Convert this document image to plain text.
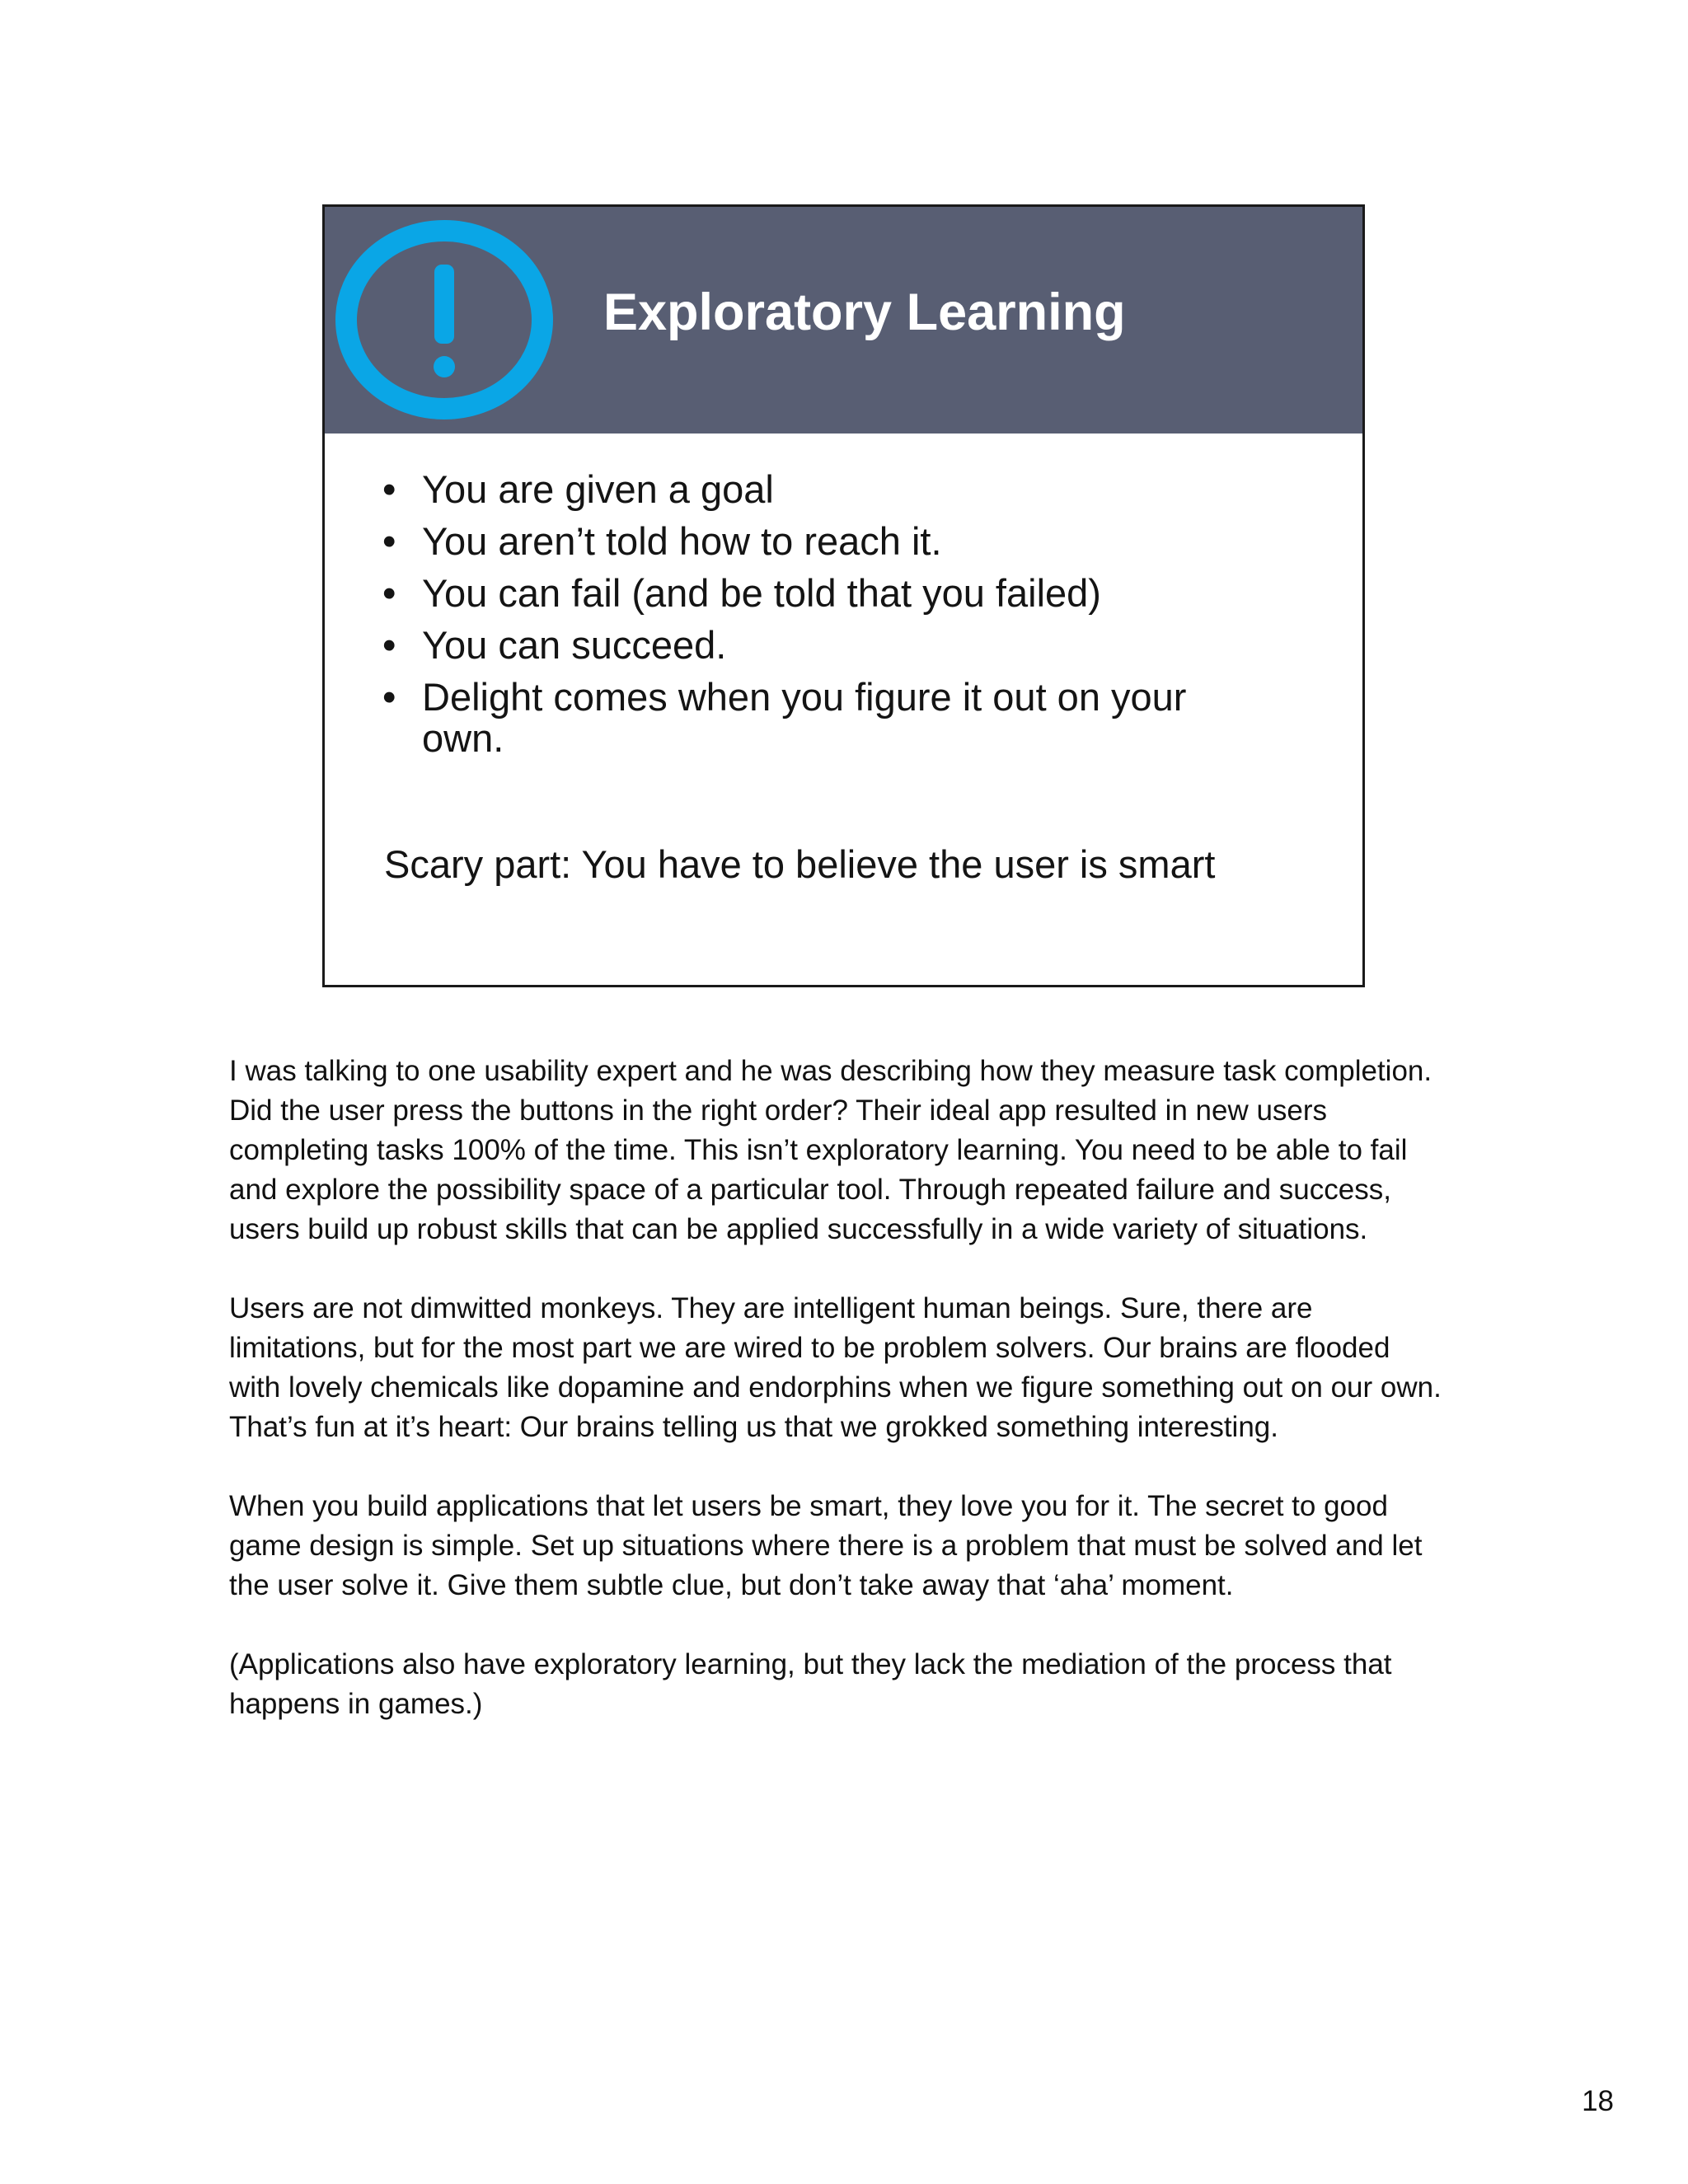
Exploratory Learning
• You are given a goal
• You aren’t told how to reach it.
• You can fail (and be told that you failed)
• You can succeed.
• Delight comes when you figure it out on your own.
Scary part: You have to believe the user is smart

I was talking to one usability expert and he was describing how they measure task completion. Did the user press the buttons in the right order? Their ideal app resulted in new users completing tasks 100% of the time. This isn’t exploratory learning. You need to be able to fail and explore the possibility space of a particular tool. Through repeated failure and success, users build up robust skills that can be applied successfully in a wide variety of situations.

Users are not dimwitted monkeys. They are intelligent human beings. Sure, there are limitations, but for the most part we are wired to be problem solvers. Our brains are flooded with lovely chemicals like dopamine and endorphins when we figure something out on our own. That’s fun at it’s heart: Our brains telling us that we grokked something interesting.

When you build applications that let users be smart, they love you for it. The secret to good game design is simple. Set up situations where there is a problem that must be solved and let the user solve it. Give them subtle clue, but don’t take away that ‘aha’ moment.

(Applications also have exploratory learning, but they lack the mediation of the process that happens in games.)

18
